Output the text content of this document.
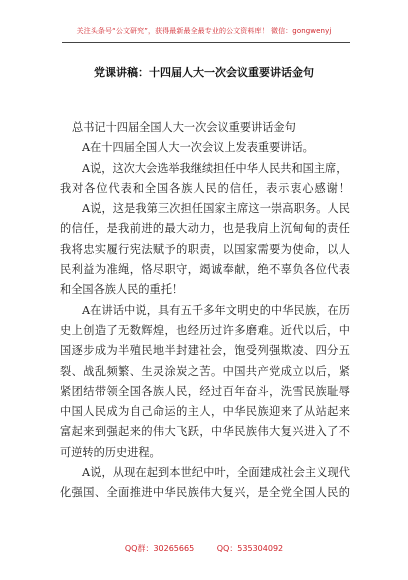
关注头条号“公文研究”，获得最新最全最专业的公文资料库！ 微信：gongwenyj
党课讲稿：十四届人大一次会议重要讲话金句
总书记十四届全国人大一次会议重要讲话金句
A在十四届全国人大一次会议上发表重要讲话。
A说，这次大会选举我继续担任中华人民共和国主席，
我对各位代表和全国各族人民的信任，表示衷心感谢！
A说，这是我第三次担任国家主席这一崇高职务。人民
的信任，是我前进的最大动力，也是我肩上沉甸甸的责任
我将忠实履行宪法赋予的职责，以国家需要为使命，以人
民利益为准绳，恪尽职守，竭诚奉献，绝不辜负各位代表
和全国各族人民的重托！
A在讲话中说，具有五千多年文明史的中华民族，在历
史上创造了无数辉煌，也经历过许多磨难。近代以后，中
国逐步成为半殖民地半封建社会，饱受列强欺凌、四分五
裂、战乱频繁、生灵涂炭之苦。中国共产党成立以后，紧
紧团结带领全国各族人民，经过百年奋斗，洗雪民族耻辱
中国人民成为自己命运的主人，中华民族迎来了从站起来
富起来到强起来的伟大飞跃，中华民族伟大复兴进入了不
可逆转的历史进程。
A说，从现在起到本世纪中叶，全面建成社会主义现代
化强国、全面推进中华民族伟大复兴，是全党全国人民的
QQ群：30265665	QQ：535304092
